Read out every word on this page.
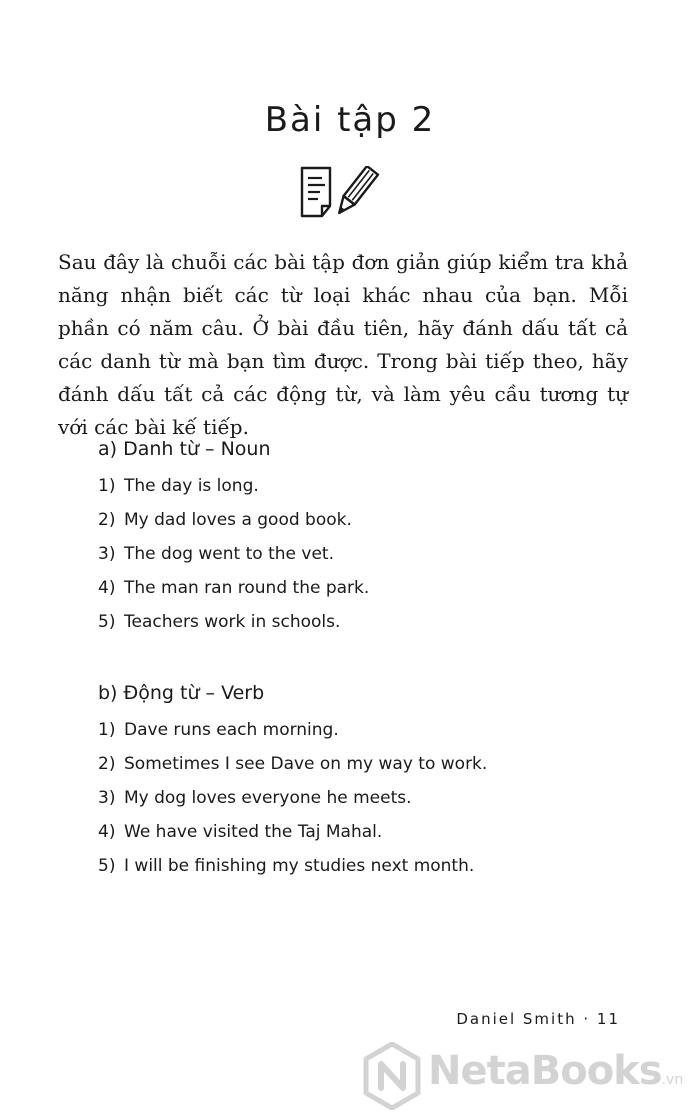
Bài tập 2
Sau đây là chuỗi các bài tập đơn giản giúp kiểm tra khả năng nhận biết các từ loại khác nhau của bạn. Mỗi phần có năm câu. Ở bài đầu tiên, hãy đánh dấu tất cả các danh từ mà bạn tìm được. Trong bài tiếp theo, hãy đánh dấu tất cả các động từ, và làm yêu cầu tương tự với các bài kế tiếp.
a) Danh từ – Noun
1) The day is long.
2) My dad loves a good book.
3) The dog went to the vet.
4) The man ran round the park.
5) Teachers work in schools.
b) Động từ – Verb
1) Dave runs each morning.
2) Sometimes I see Dave on my way to work.
3) My dog loves everyone he meets.
4) We have visited the Taj Mahal.
5) I will be finishing my studies next month.
Daniel Smith · 11
NetaBooks.vn
